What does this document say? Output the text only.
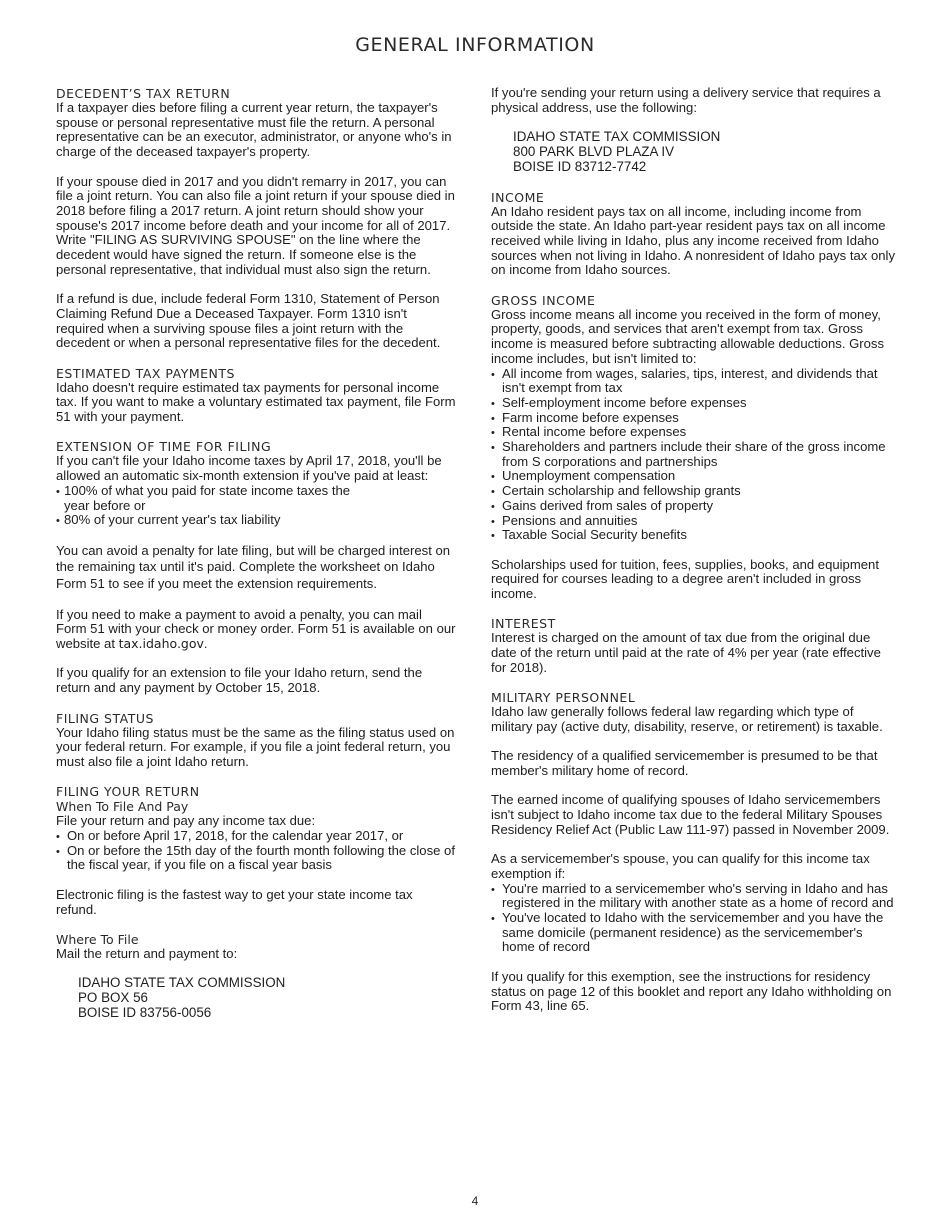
GENERAL INFORMATION
DECEDENT’S TAX RETURN

If a taxpayer dies before filing a current year return, the taxpayer's spouse or personal representative must file the return. A personal representative can be an executor, administrator, or anyone who's in charge of the deceased taxpayer's property.

If your spouse died in 2017 and you didn't remarry in 2017, you can file a joint return. You can also file a joint return if your spouse died in 2018 before filing a 2017 return. A joint return should show your spouse's 2017 income before death and your income for all of 2017. Write "FILING AS SURVIVING SPOUSE" on the line where the decedent would have signed the return. If someone else is the personal representative, that individual must also sign the return.

If a refund is due, include federal Form 1310, Statement of Person Claiming Refund Due a Deceased Taxpayer. Form 1310 isn't required when a surviving spouse files a joint return with the decedent or when a personal representative files for the decedent.

ESTIMATED TAX PAYMENTS

Idaho doesn't require estimated tax payments for personal income tax. If you want to make a voluntary estimated tax payment, file Form 51 with your payment.

EXTENSION OF TIME FOR FILING

If you can't file your Idaho income taxes by April 17, 2018, you'll be allowed an automatic six-month extension if you've paid at least:

• 100% of what you paid for state income taxes the year before or
• 80% of your current year's tax liability

You can avoid a penalty for late filing, but will be charged interest on the remaining tax until it's paid. Complete the worksheet on Idaho Form 51 to see if you meet the extension requirements.

If you need to make a payment to avoid a penalty, you can mail Form 51 with your check or money order. Form 51 is available on our website at tax.idaho.gov.

If you qualify for an extension to file your Idaho return, send the return and any payment by October 15, 2018.

FILING STATUS

Your Idaho filing status must be the same as the filing status used on your federal return. For example, if you file a joint federal return, you must also file a joint Idaho return.

FILING YOUR RETURN
When To File And Pay

File your return and pay any income tax due:

• On or before April 17, 2018, for the calendar year 2017, or
• On or before the 15th day of the fourth month following the close of the fiscal year, if you file on a fiscal year basis

Electronic filing is the fastest way to get your state income tax refund.

Where To File

Mail the return and payment to:

IDAHO STATE TAX COMMISSION

PO BOX 56

BOISE ID 83756-0056

If you're sending your return using a delivery service that requires a physical address, use the following:

IDAHO STATE TAX COMMISSION

800 PARK BLVD PLAZA IV

BOISE ID 83712-7742

INCOME

An Idaho resident pays tax on all income, including income from outside the state. An Idaho part-year resident pays tax on all income received while living in Idaho, plus any income received from Idaho sources when not living in Idaho. A nonresident of Idaho pays tax only on income from Idaho sources.

GROSS INCOME

Gross income means all income you received in the form of money, property, goods, and services that aren't exempt from tax. Gross income is measured before subtracting allowable deductions. Gross income includes, but isn't limited to:

• All income from wages, salaries, tips, interest, and dividends that isn't exempt from tax
• Self-employment income before expenses
• Farm income before expenses
• Rental income before expenses
• Shareholders and partners include their share of the gross income from S corporations and partnerships
• Unemployment compensation
• Certain scholarship and fellowship grants
• Gains derived from sales of property
• Pensions and annuities
• Taxable Social Security benefits

Scholarships used for tuition, fees, supplies, books, and equipment required for courses leading to a degree aren't included in gross income.

INTEREST

Interest is charged on the amount of tax due from the original due date of the return until paid at the rate of 4% per year (rate effective for 2018).

MILITARY PERSONNEL

Idaho law generally follows federal law regarding which type of military pay (active duty, disability, reserve, or retirement) is taxable.

The residency of a qualified servicemember is presumed to be that member's military home of record.

The earned income of qualifying spouses of Idaho servicemembers isn't subject to Idaho income tax due to the federal Military Spouses Residency Relief Act (Public Law 111-97) passed in November 2009.

As a servicemember's spouse, you can qualify for this income tax exemption if:

• You're married to a servicemember who's serving in Idaho and has registered in the military with another state as a home of record and
• You've located to Idaho with the servicemember and you have the same domicile (permanent residence) as the servicemember's home of record

If you qualify for this exemption, see the instructions for residency status on page 12 of this booklet and report any Idaho withholding on Form 43, line 65.

4
